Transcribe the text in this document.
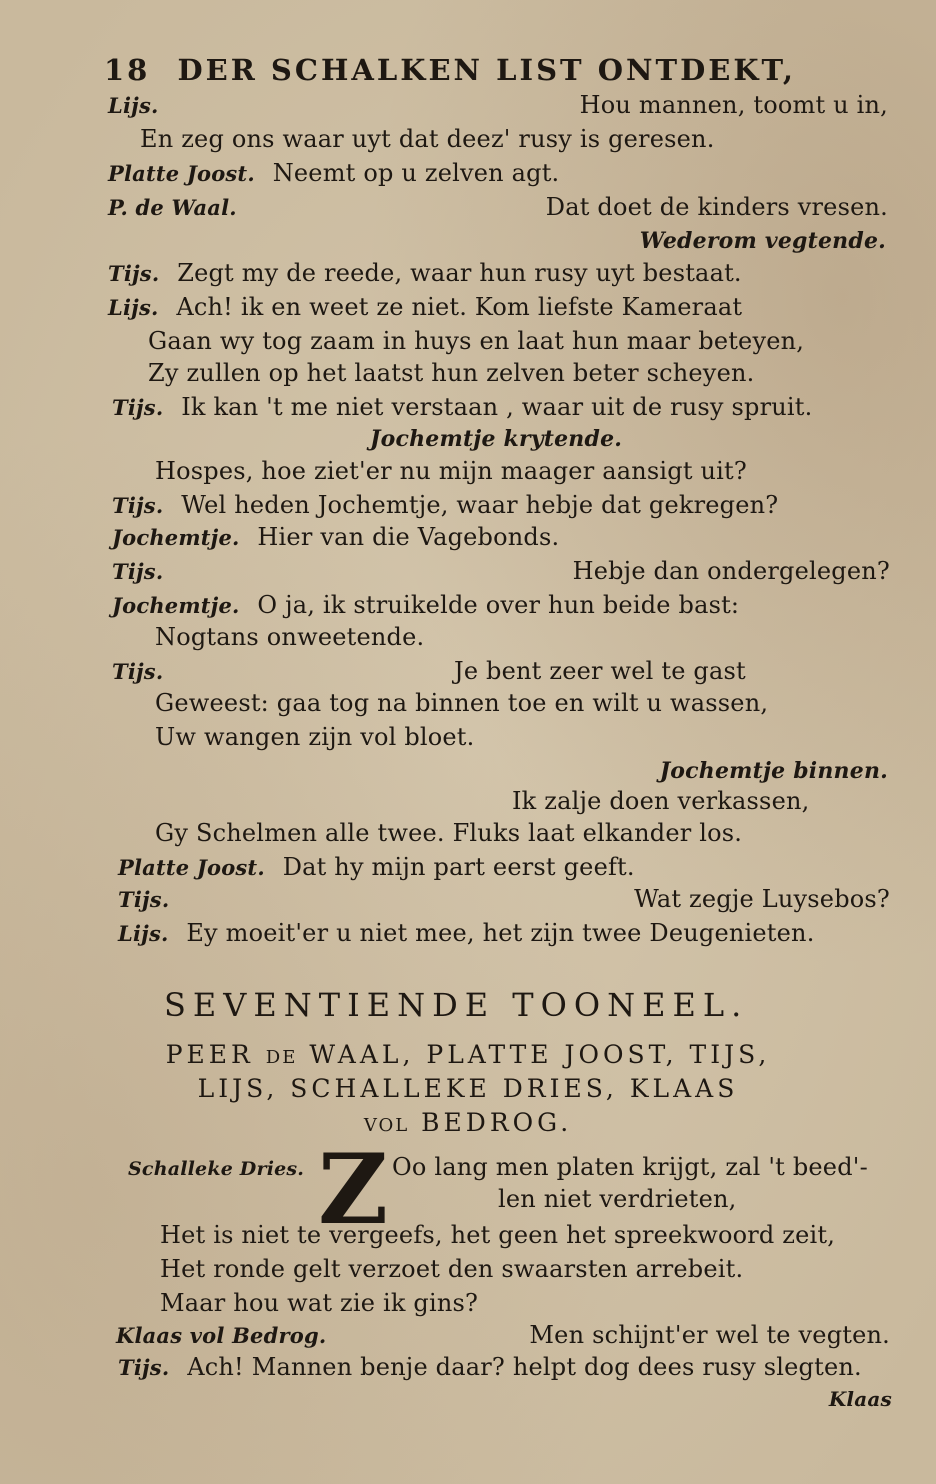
18 DER SCHALKEN LIST ONTDEKT,
Lijs.	Hou mannen, toomt u in,
En zeg ons waar uyt dat deez' rusy is geresen.
Platte Joost. Neemt op u zelven agt.
P. de Waal.	Dat doet de kinders vresen.
Wederom vegtende.
Tijs. Zegt my de reede, waar hun rusy uyt bestaat.
Lijs. Ach! ik en weet ze niet. Kom liefste Kameraat
Gaan wy tog zaam in huys en laat hun maar beteyen,
Zy zullen op het laatst hun zelven beter scheyen.
Tijs. Ik kan 't me niet verstaan , waar uit de rusy spruit.
Jochemtje krytende.
Hospes, hoe ziet'er nu mijn maager aansigt uit?
Tijs. Wel heden Jochemtje, waar hebje dat gekregen?
Jochemtje. Hier van die Vagebonds.
Tijs.	Hebje dan ondergelegen?
Jochemtje. O ja, ik struikelde over hun beide bast:
Nogtans onweetende.
Tijs.	Je bent zeer wel te gast
Geweest: gaa tog na binnen toe en wilt u wassen,
Uw wangen zijn vol bloet.
Jochemtje binnen.
Ik zalje doen verkassen,
Gy Schelmen alle twee. Fluks laat elkander los.
Platte Joost. Dat hy mijn part eerst geeft.
Tijs.	Wat zegje Luysebos?
Lijs. Ey moeit'er u niet mee, het zijn twee Deugenieten.
SEVENTIENDE TOONEEL.
PEER DE WAAL, PLATTE JOOST, TIJS,
LIJS, SCHALLEKE DRIES, KLAAS
VOL BEDROG.
Schalleke Dries. Z Oo lang men platen krijgt, zal 't beed'-
len niet verdrieten,
Het is niet te vergeefs, het geen het spreekwoord zeit,
Het ronde gelt verzoet den swaarsten arrebeit.
Maar hou wat zie ik gins?
Klaas vol Bedrog.	Men schijnt'er wel te vegten.
Tijs. Ach! Mannen benje daar? helpt dog dees rusy slegten.
Klaas
